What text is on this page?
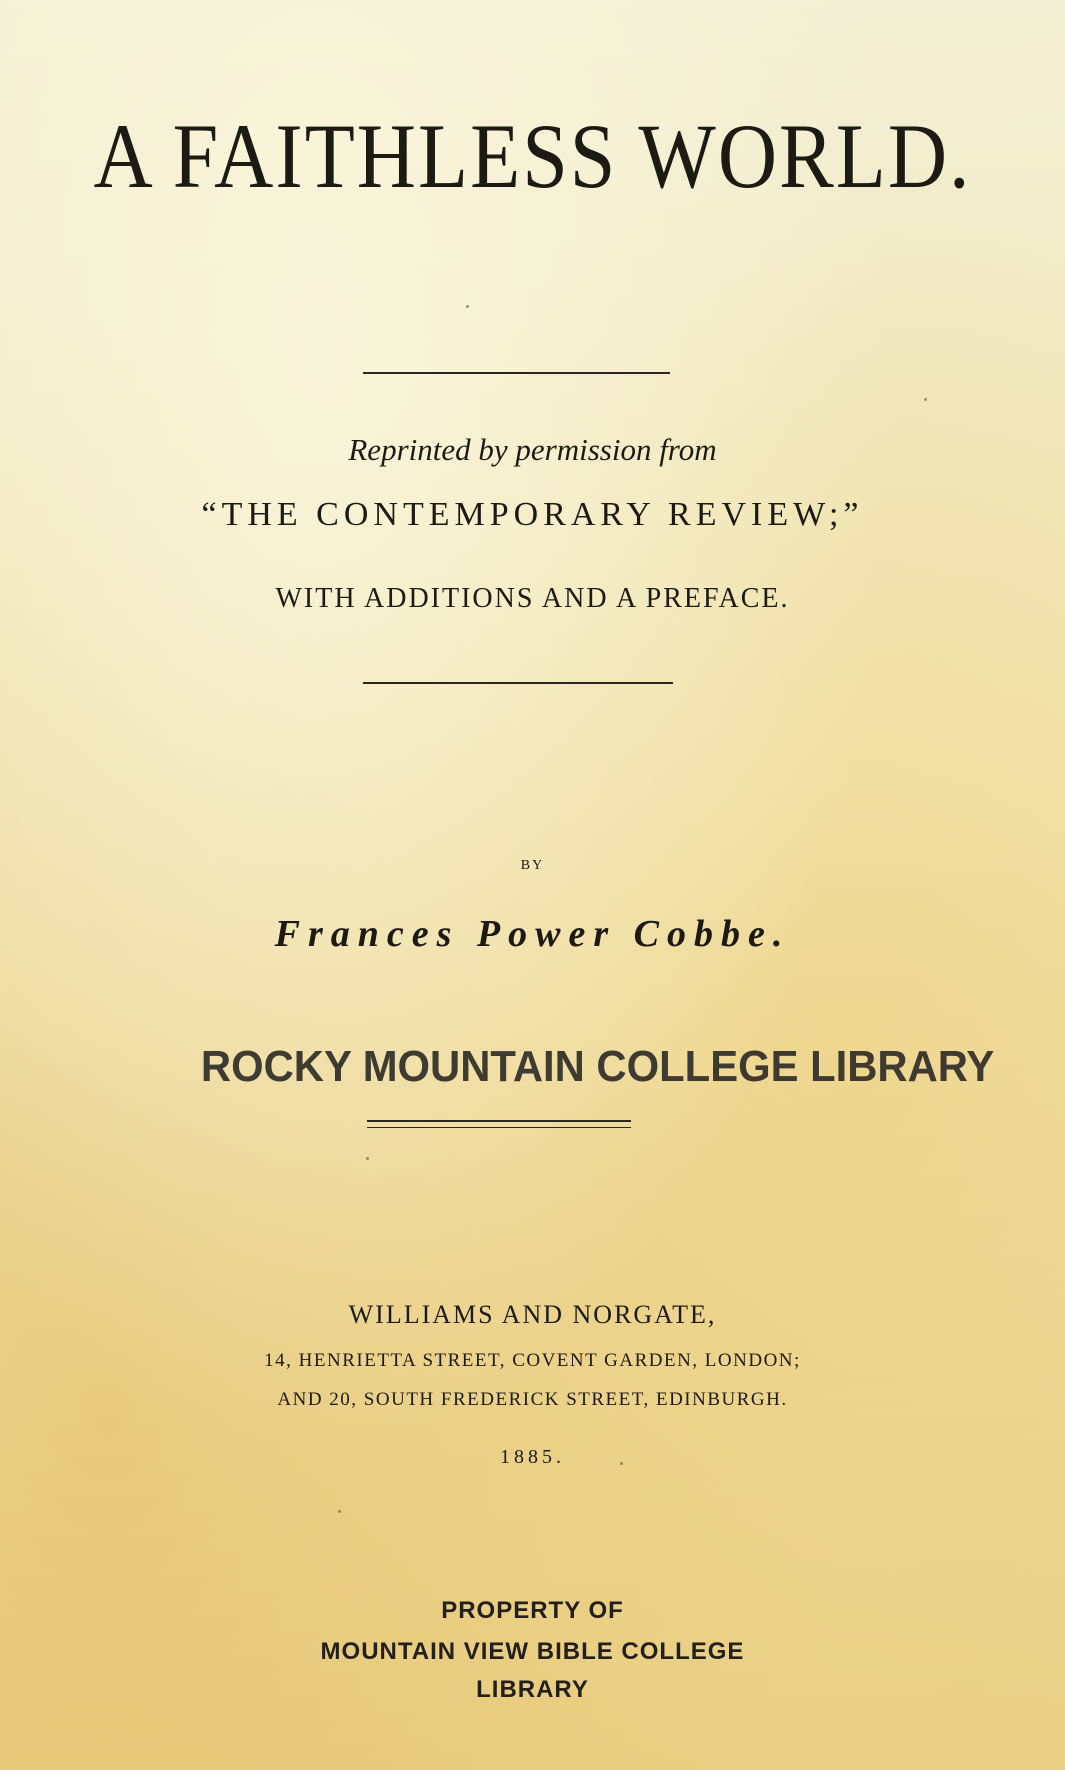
A FAITHLESS WORLD.

Reprinted by permission from

“THE CONTEMPORARY REVIEW;”

WITH ADDITIONS AND A PREFACE.

BY

Frances Power Cobbe.

ROCKY MOUNTAIN COLLEGE LIBRARY

WILLIAMS AND NORGATE,

14, HENRIETTA STREET, COVENT GARDEN, LONDON;

AND 20, SOUTH FREDERICK STREET, EDINBURGH.

1885.

PROPERTY OF

MOUNTAIN VIEW BIBLE COLLEGE

LIBRARY
